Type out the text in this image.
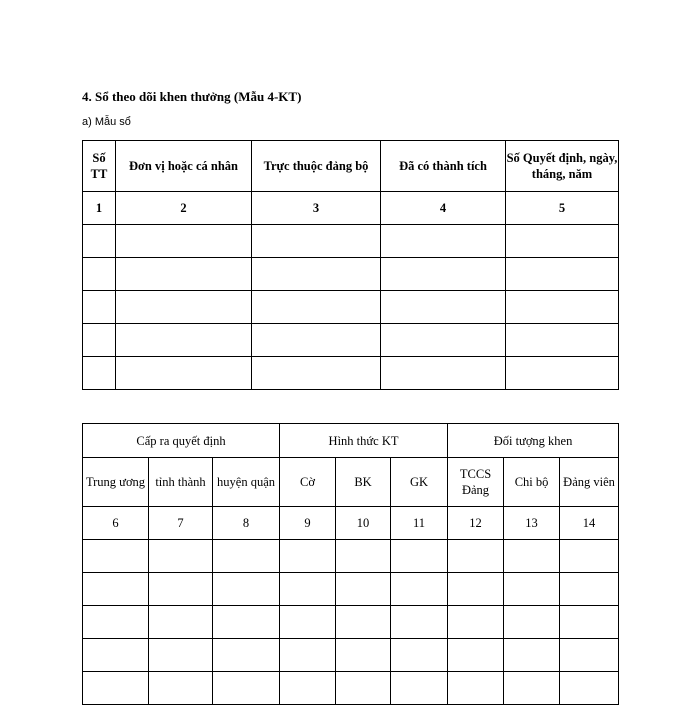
4. Sổ theo dõi khen thưởng (Mẫu 4-KT)
a) Mẫu sổ
Số TT	Đơn vị hoặc cá nhân	Trực thuộc đảng bộ	Đã có thành tích	Số Quyết định, ngày, tháng, năm
1	2	3	4	5

Cấp ra quyết định			Hình thức KT			Đối tượng khen		
Trung ương	tỉnh thành	huyện quận	Cờ	BK	GK	TCCS Đảng	Chi bộ	Đảng viên
6	7	8	9	10	11	12	13	14
